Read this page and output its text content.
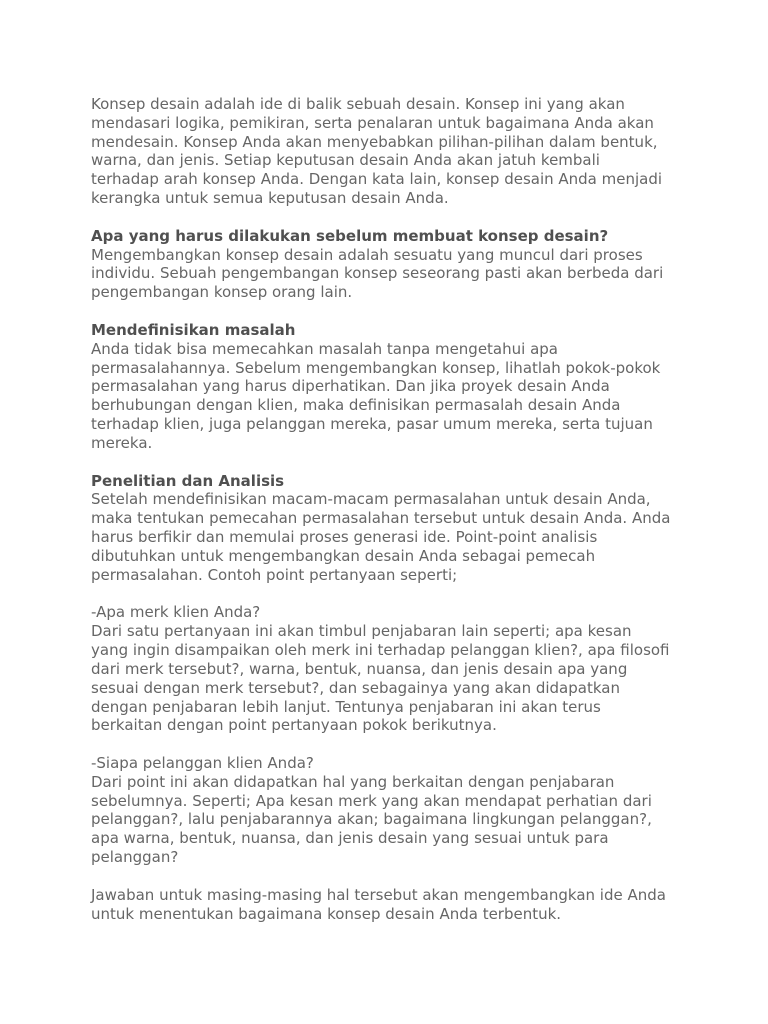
Konsep desain adalah ide di balik sebuah desain. Konsep ini yang akan
mendasari logika, pemikiran, serta penalaran untuk bagaimana Anda akan
mendesain. Konsep Anda akan menyebabkan pilihan-pilihan dalam bentuk,
warna, dan jenis. Setiap keputusan desain Anda akan jatuh kembali
terhadap arah konsep Anda. Dengan kata lain, konsep desain Anda menjadi
kerangka untuk semua keputusan desain Anda.
Apa yang harus dilakukan sebelum membuat konsep desain?
Mengembangkan konsep desain adalah sesuatu yang muncul dari proses
individu. Sebuah pengembangan konsep seseorang pasti akan berbeda dari
pengembangan konsep orang lain.
Mendefinisikan masalah
Anda tidak bisa memecahkan masalah tanpa mengetahui apa
permasalahannya. Sebelum mengembangkan konsep, lihatlah pokok-pokok
permasalahan yang harus diperhatikan. Dan jika proyek desain Anda
berhubungan dengan klien, maka definisikan permasalah desain Anda
terhadap klien, juga pelanggan mereka, pasar umum mereka, serta tujuan
mereka.
Penelitian dan Analisis
Setelah mendefinisikan macam-macam permasalahan untuk desain Anda,
maka tentukan pemecahan permasalahan tersebut untuk desain Anda. Anda
harus berfikir dan memulai proses generasi ide. Point-point analisis
dibutuhkan untuk mengembangkan desain Anda sebagai pemecah
permasalahan. Contoh point pertanyaan seperti;
-Apa merk klien Anda?
Dari satu pertanyaan ini akan timbul penjabaran lain seperti; apa kesan
yang ingin disampaikan oleh merk ini terhadap pelanggan klien?, apa filosofi
dari merk tersebut?, warna, bentuk, nuansa, dan jenis desain apa yang
sesuai dengan merk tersebut?, dan sebagainya yang akan didapatkan
dengan penjabaran lebih lanjut. Tentunya penjabaran ini akan terus
berkaitan dengan point pertanyaan pokok berikutnya.
-Siapa pelanggan klien Anda?
Dari point ini akan didapatkan hal yang berkaitan dengan penjabaran
sebelumnya. Seperti; Apa kesan merk yang akan mendapat perhatian dari
pelanggan?, lalu penjabarannya akan; bagaimana lingkungan pelanggan?,
apa warna, bentuk, nuansa, dan jenis desain yang sesuai untuk para
pelanggan?
Jawaban untuk masing-masing hal tersebut akan mengembangkan ide Anda
untuk menentukan bagaimana konsep desain Anda terbentuk.
